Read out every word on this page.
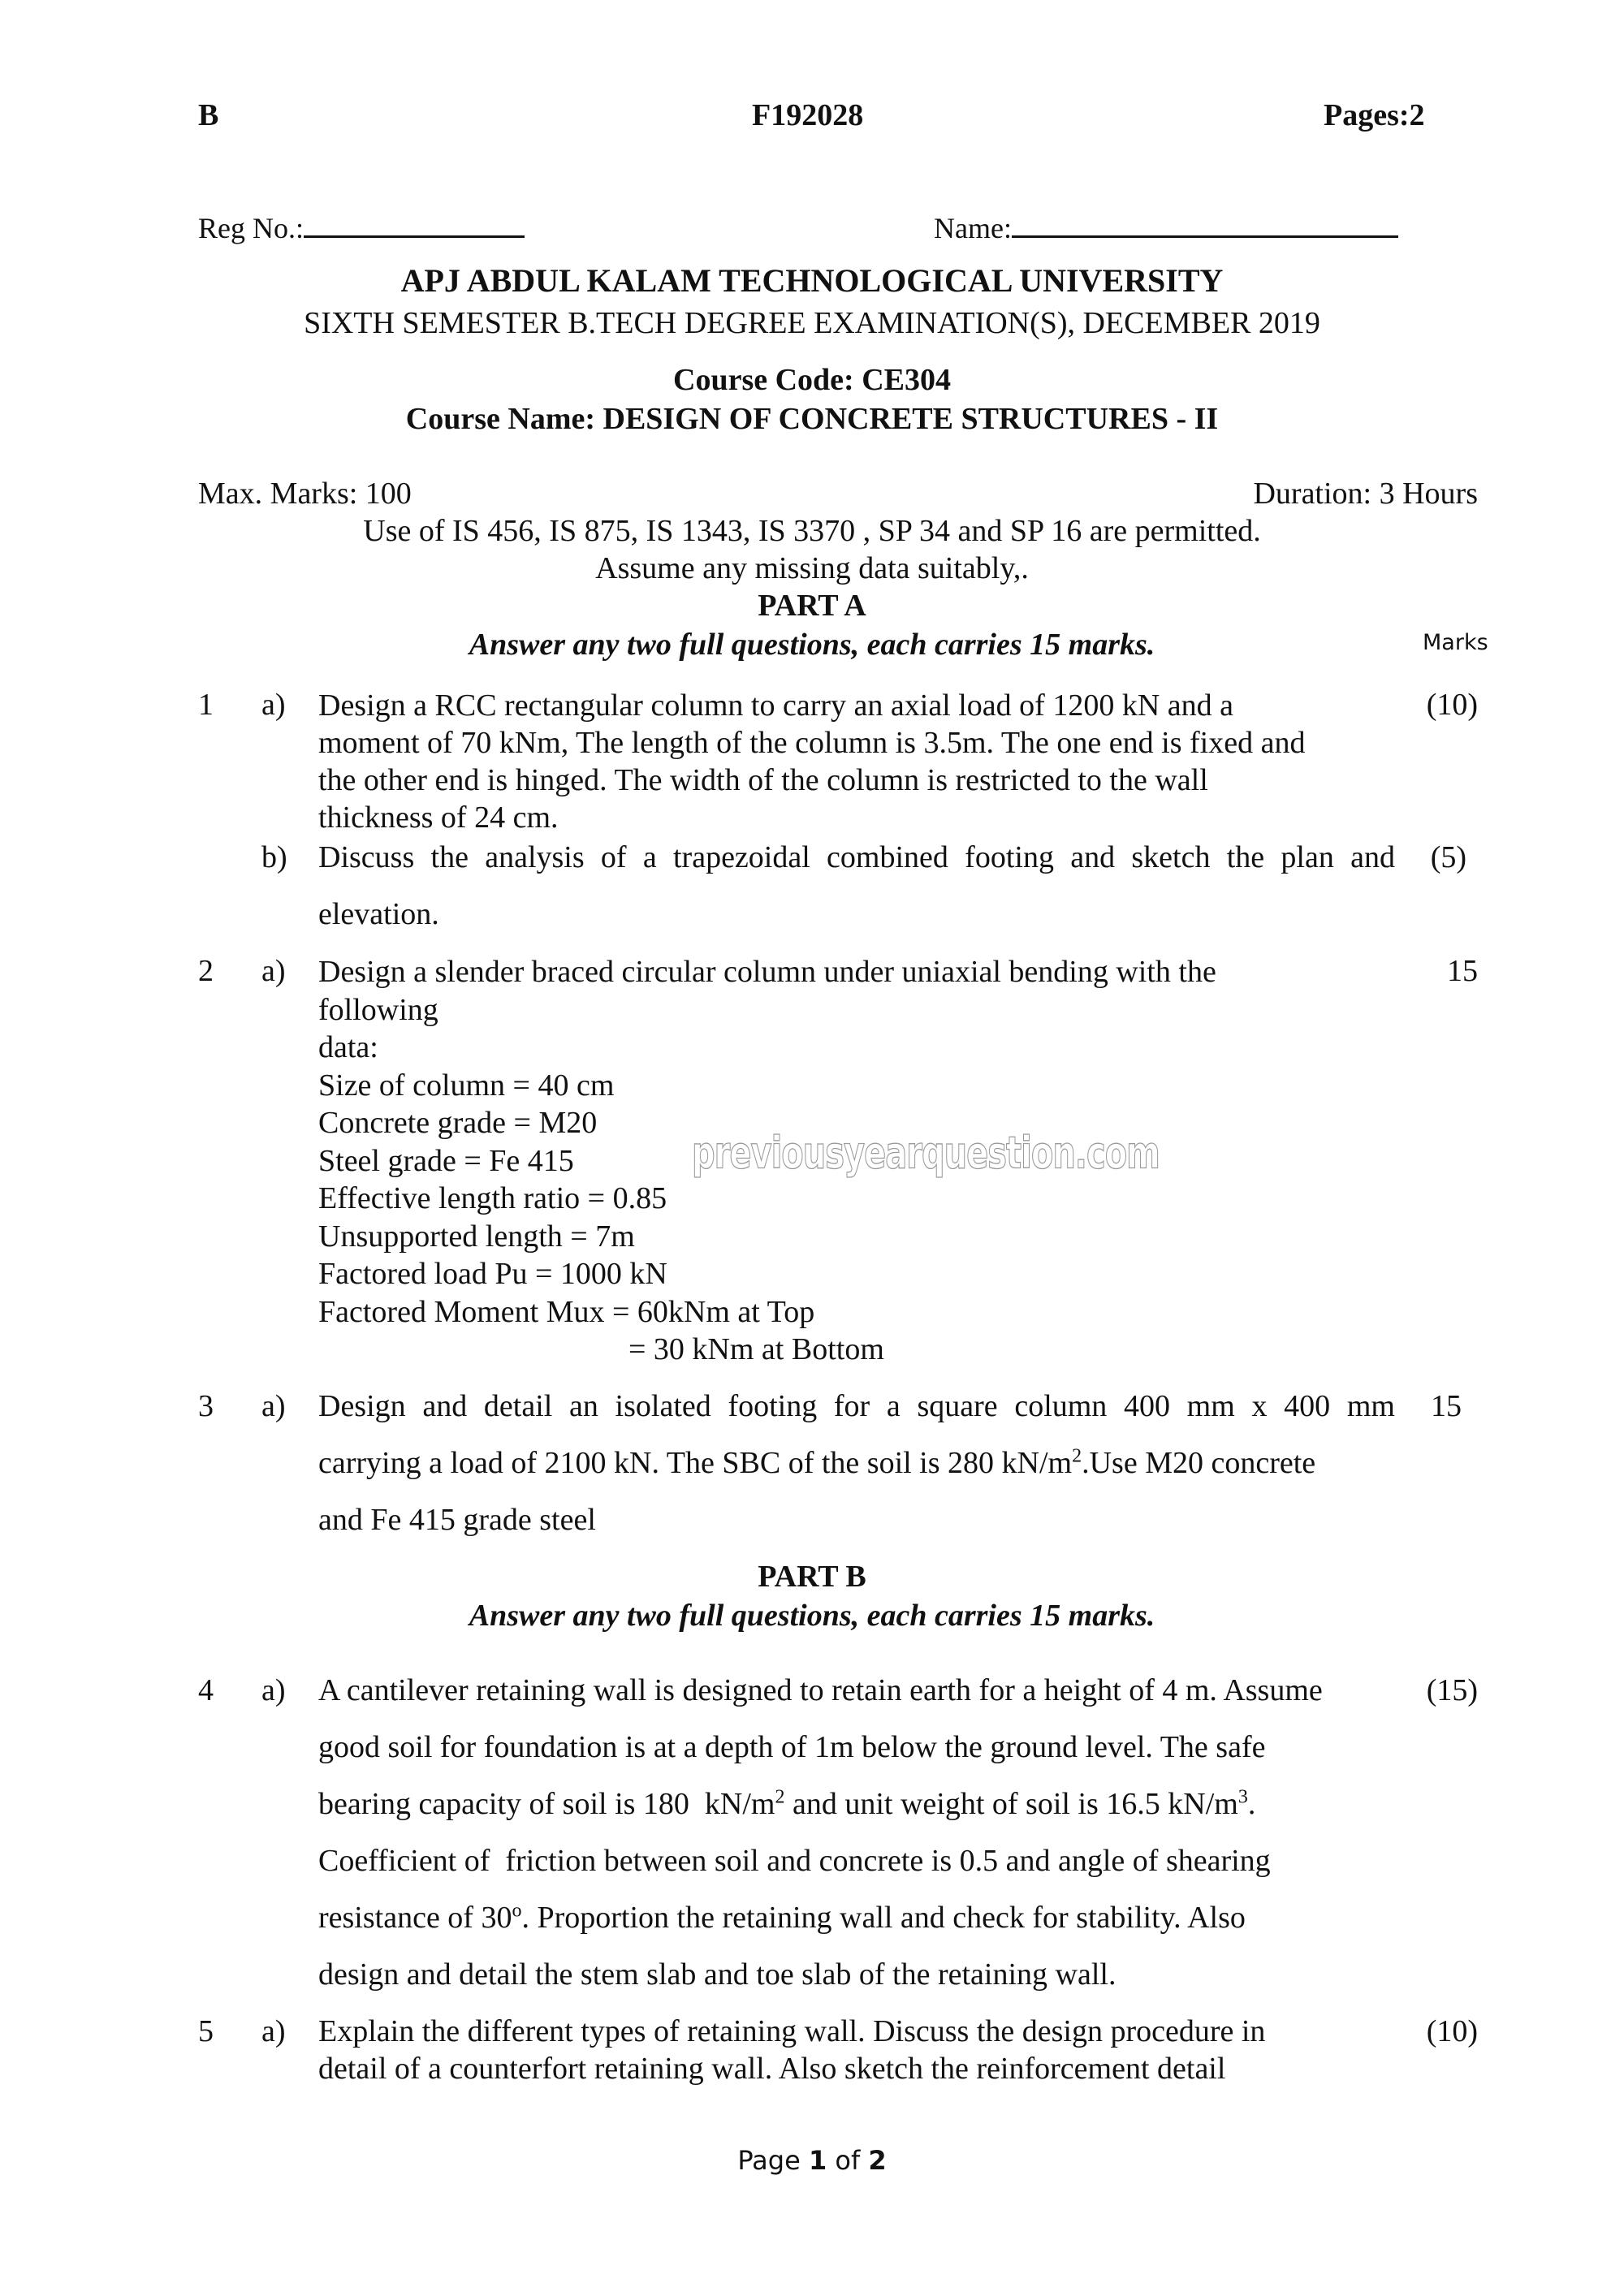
B	F192028	Pages:2
Reg No.:	Name:
APJ ABDUL KALAM TECHNOLOGICAL UNIVERSITY
SIXTH SEMESTER B.TECH DEGREE EXAMINATION(S), DECEMBER 2019
Course Code: CE304
Course Name: DESIGN OF CONCRETE STRUCTURES - II
Max. Marks: 100	Duration: 3 Hours
Use of IS 456, IS 875, IS 1343, IS 3370 , SP 34 and SP 16 are permitted.
Assume any missing data suitably,.
PART A
Answer any two full questions, each carries 15 marks.	Marks
1 a) Design a RCC rectangular column to carry an axial load of 1200 kN and a
moment of 70 kNm, The length of the column is 3.5m. The one end is fixed and
the other end is hinged. The width of the column is restricted to the wall
thickness of 24 cm.
(10)
b) Discuss the analysis of a trapezoidal combined footing and sketch the plan and
elevation.
(5)
2 a) Design a slender braced circular column under uniaxial bending with the
following
data:
Size of column = 40 cm
Concrete grade = M20
Steel grade = Fe 415
Effective length ratio = 0.85
Unsupported length = 7m
Factored load Pu = 1000 kN
Factored Moment Mux = 60kNm at Top
= 30 kNm at Bottom
15
previousyearquestion.com
3 a) Design and detail an isolated footing for a square column 400 mm x 400 mm
carrying a load of 2100 kN. The SBC of the soil is 280 $kN/m^2.Use$ M20 concrete
and Fe 415 grade steel
15
PART B
Answer any two full questions, each carries 15 marks.
4 a) A cantilever retaining wall is designed to retain earth for a height of 4 m. Assume
good soil for foundation is at a depth of 1m below the ground level. The safe
bearing capacity of soil is 180  $kN/m^2$ and unit weight of soil is 16.5 $kN/m^3$.
Coefficient of  friction between soil and concrete is 0.5 and angle of shearing
resistance of 30$^o$. Proportion the retaining wall and check for stability. Also
design and detail the stem slab and toe slab of the retaining wall.
(15)
5 a) Explain the different types of retaining wall. Discuss the design procedure in
detail of a counterfort retaining wall. Also sketch the reinforcement detail
(10)
Page 1 of 2
